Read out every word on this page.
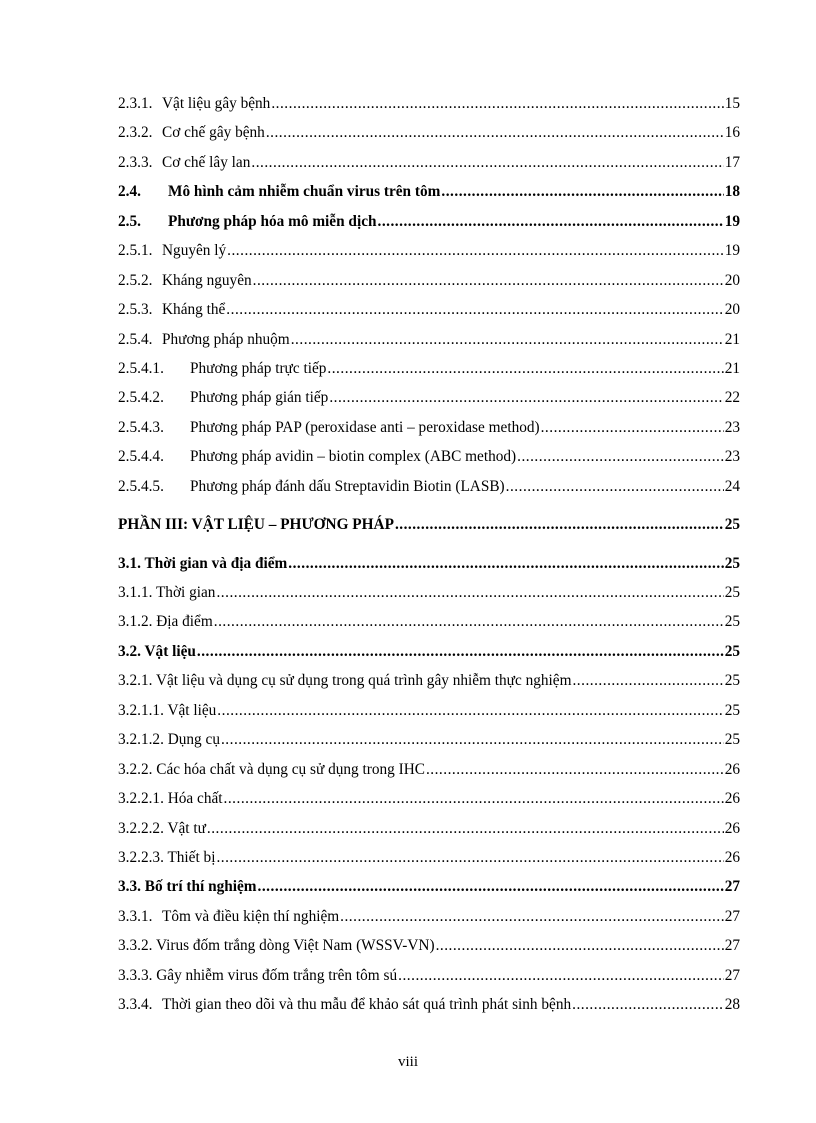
2.3.1. Vật liệu gây bệnh .....	15
2.3.2. Cơ chế gây bệnh .....	16
2.3.3. Cơ chế lây lan .....	17
2.4.	Mô hình cảm nhiễm chuẩn virus trên tôm .....	18
2.5.	Phương pháp hóa mô miễn dịch .....	19
2.5.1. Nguyên lý .....	19
2.5.2. Kháng nguyên .....	20
2.5.3. Kháng thể .....	20
2.5.4. Phương pháp nhuộm .....	21
2.5.4.1.	Phương pháp trực tiếp .....	21
2.5.4.2.	Phương pháp gián tiếp .....	22
2.5.4.3.	Phương pháp PAP (peroxidase anti – peroxidase method) .....	23
2.5.4.4.	Phương pháp avidin – biotin complex (ABC method) .....	23
2.5.4.5.	Phương pháp đánh dấu Streptavidin Biotin (LASB) .....	24
PHẦN III: VẬT LIỆU – PHƯƠNG PHÁP .....	25
3.1. Thời gian và địa điểm .....	25
3.1.1. Thời gian .....	25
3.1.2. Địa điểm .....	25
3.2. Vật liệu .....	25
3.2.1. Vật liệu và dụng cụ sử dụng trong quá trình gây nhiễm thực nghiệm .....	25
3.2.1.1. Vật liệu .....	25
3.2.1.2. Dụng cụ .....	25
3.2.2. Các hóa chất và dụng cụ sử dụng trong IHC .....	26
3.2.2.1. Hóa chất .....	26
3.2.2.2. Vật tư .....	26
3.2.2.3. Thiết bị .....	26
3.3. Bố trí thí nghiệm .....	27
3.3.1. Tôm và điều kiện thí nghiệm .....	27
3.3.2. Virus đốm trắng dòng Việt Nam (WSSV-VN) .....	27
3.3.3. Gây nhiễm virus đốm trắng trên tôm sú .....	27
3.3.4. Thời gian theo dõi và thu mẫu để khảo sát quá trình phát sinh bệnh .....	28
viii
